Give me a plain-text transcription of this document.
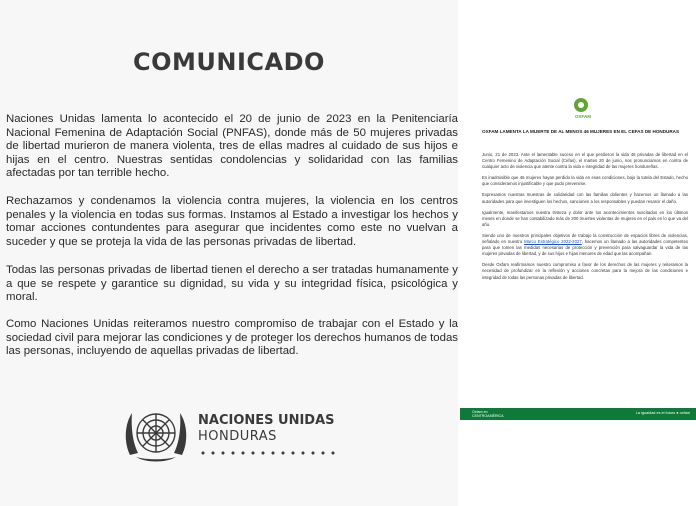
COMUNICADO

Naciones Unidas lamenta lo acontecido el 20 de junio de 2023 en la Penitenciaría Nacional Femenina de Adaptación Social (PNFAS), donde más de 50 mujeres privadas de libertad murieron de manera violenta, tres de ellas madres al cuidado de sus hijos e hijas en el centro. Nuestras sentidas condolencias y solidaridad con las familias afectadas por tan terrible hecho.

Rechazamos y condenamos la violencia contra mujeres, la violencia en los centros penales y la violencia en todas sus formas. Instamos al Estado a investigar los hechos y tomar acciones contundentes para asegurar que incidentes como este no vuelvan a suceder y que se proteja la vida de las personas privadas de libertad.

Todas las personas privadas de libertad tienen el derecho a ser tratadas humanamente y a que se respete y garantice su dignidad, su vida y su integridad física, psicológica y moral.

Como Naciones Unidas reiteramos nuestro compromiso de trabajar con el Estado y la sociedad civil para mejorar las condiciones y de proteger los derechos humanos de todas las personas, incluyendo de aquellas privadas de libertad.

NACIONES UNIDAS
HONDURAS
OXFAM
OXFAM LAMENTA LA MUERTE DE AL MENOS 46 MUJERES EN EL CEFAS DE HONDURAS

Junio, 21 de 2023. Ante el lamentable suceso en el que perdieron la vida 46 privadas de libertad en el Centro Femenino de Adaptación Social (Cefas), el martes 20 de junio, nos pronunciamos en contra de cualquier acto de violencia que atente contra la vida e integridad de las mujeres hondureñas.

Es inadmisible que 46 mujeres hayan perdido la vida en esas condiciones, bajo la tutela del Estado, hecho que consideramos injustificable y que pudo prevenirse.

Expresamos nuestras muestras de solidaridad con las familias dolientes y hacemos un llamado a las autoridades para que investiguen los hechos, sancionen a los responsables y puedan resarcir el daño.

Igualmente, manifestamos nuestra tristeza y dolor ante los acontecimientos suscitados en los últimos meses en donde se han contabilizado más de 200 muertes violentas de mujeres en el país en lo que va del año.

Siendo uno de nuestros principales objetivos de trabajo la construcción de espacios libres de violencias, señalado en nuestro Marco Estratégico 2022-2027, hacemos un llamado a las autoridades competentes para que tomen las medidas necesarias de protección y prevención para salvaguardar la vida de las mujeres privadas de libertad, y de sus hijos e hijas menores de edad que las acompañan.

Desde Oxfam reafirmamos nuestro compromiso a favor de los derechos de las mujeres y reiteramos la necesidad de profundizar en la reflexión y acciones concretas para la mejora de las condiciones e integridad de todas las personas privadas de libertad.

Oxfam en
CENTROAMÉRICA
La igualdad es el futuro ● oxfam
